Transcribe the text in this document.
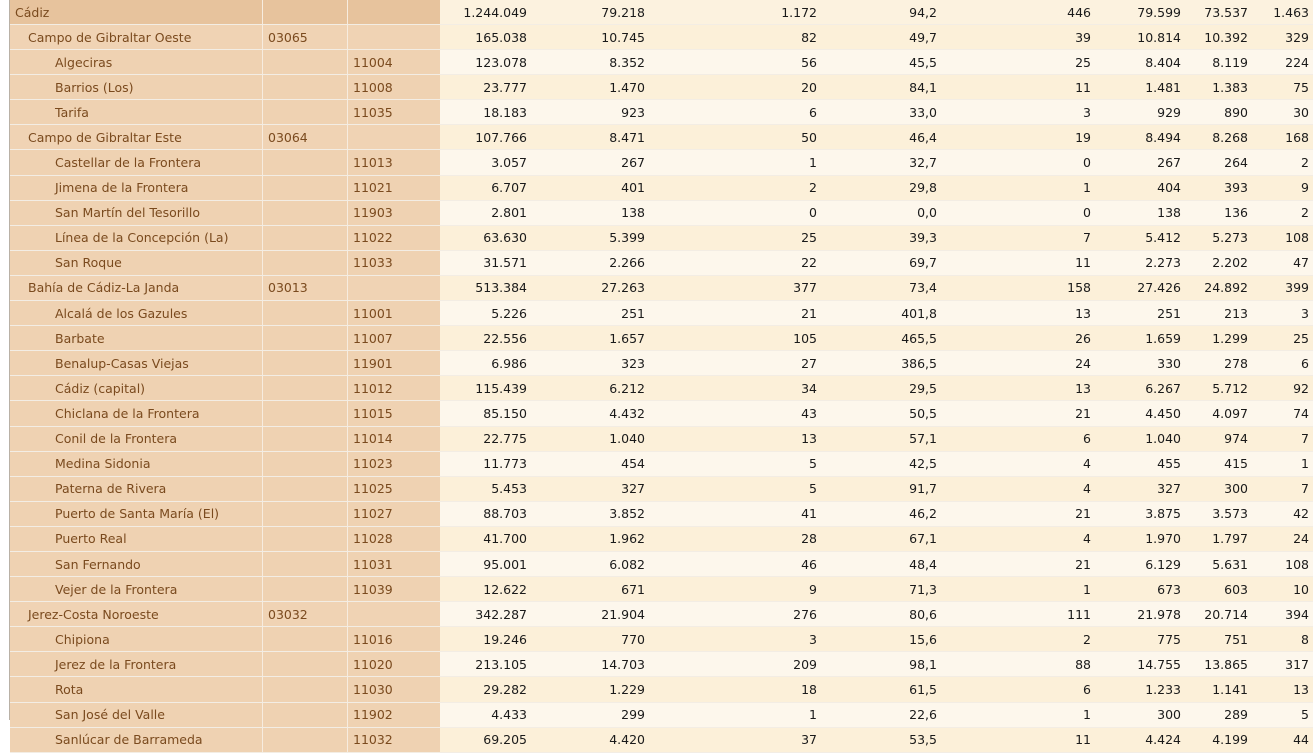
Cádiz			1.244.049	79.218	1.172	94,2	446	79.599	73.537	1.463
Campo de Gibraltar Oeste	03065		165.038	10.745	82	49,7	39	10.814	10.392	329
Algeciras		11004	123.078	8.352	56	45,5	25	8.404	8.119	224
Barrios (Los)		11008	23.777	1.470	20	84,1	11	1.481	1.383	75
Tarifa		11035	18.183	923	6	33,0	3	929	890	30
Campo de Gibraltar Este	03064		107.766	8.471	50	46,4	19	8.494	8.268	168
Castellar de la Frontera		11013	3.057	267	1	32,7	0	267	264	2
Jimena de la Frontera		11021	6.707	401	2	29,8	1	404	393	9
San Martín del Tesorillo		11903	2.801	138	0	0,0	0	138	136	2
Línea de la Concepción (La)		11022	63.630	5.399	25	39,3	7	5.412	5.273	108
San Roque		11033	31.571	2.266	22	69,7	11	2.273	2.202	47
Bahía de Cádiz-La Janda	03013		513.384	27.263	377	73,4	158	27.426	24.892	399
Alcalá de los Gazules		11001	5.226	251	21	401,8	13	251	213	3
Barbate		11007	22.556	1.657	105	465,5	26	1.659	1.299	25
Benalup-Casas Viejas		11901	6.986	323	27	386,5	24	330	278	6
Cádiz (capital)		11012	115.439	6.212	34	29,5	13	6.267	5.712	92
Chiclana de la Frontera		11015	85.150	4.432	43	50,5	21	4.450	4.097	74
Conil de la Frontera		11014	22.775	1.040	13	57,1	6	1.040	974	7
Medina Sidonia		11023	11.773	454	5	42,5	4	455	415	1
Paterna de Rivera		11025	5.453	327	5	91,7	4	327	300	7
Puerto de Santa María (El)		11027	88.703	3.852	41	46,2	21	3.875	3.573	42
Puerto Real		11028	41.700	1.962	28	67,1	4	1.970	1.797	24
San Fernando		11031	95.001	6.082	46	48,4	21	6.129	5.631	108
Vejer de la Frontera		11039	12.622	671	9	71,3	1	673	603	10
Jerez-Costa Noroeste	03032		342.287	21.904	276	80,6	111	21.978	20.714	394
Chipiona		11016	19.246	770	3	15,6	2	775	751	8
Jerez de la Frontera		11020	213.105	14.703	209	98,1	88	14.755	13.865	317
Rota		11030	29.282	1.229	18	61,5	6	1.233	1.141	13
San José del Valle		11902	4.433	299	1	22,6	1	300	289	5
Sanlúcar de Barrameda		11032	69.205	4.420	37	53,5	11	4.424	4.199	44
